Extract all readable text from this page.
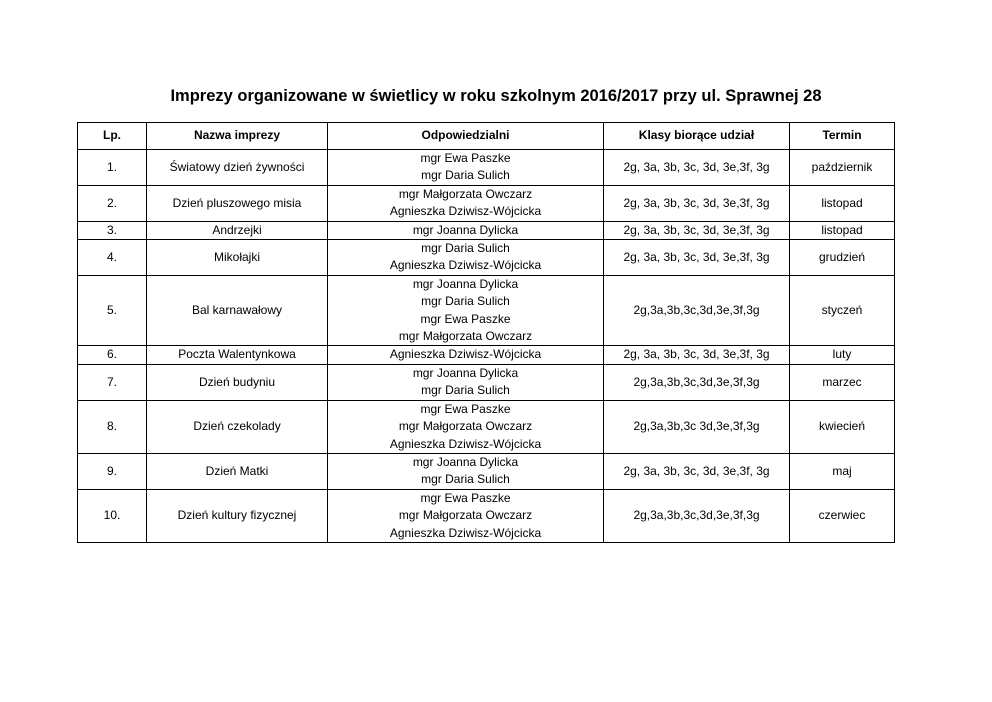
Imprezy organizowane w świetlicy w roku szkolnym 2016/2017 przy ul. Sprawnej 28
Lp.	Nazwa imprezy	Odpowiedzialni	Klasy biorące udział	Termin
1.	Światowy dzień żywności	mgr Ewa Paszke
mgr Daria Sulich	2g, 3a, 3b, 3c, 3d, 3e,3f, 3g	październik
2.	Dzień pluszowego misia	mgr Małgorzata Owczarz
Agnieszka Dziwisz-Wójcicka	2g, 3a, 3b, 3c, 3d, 3e,3f, 3g	listopad
3.	Andrzejki	mgr Joanna Dylicka	2g, 3a, 3b, 3c, 3d, 3e,3f, 3g	listopad
4.	Mikołajki	mgr Daria Sulich
Agnieszka Dziwisz-Wójcicka	2g, 3a, 3b, 3c, 3d, 3e,3f, 3g	grudzień
5.	Bal karnawałowy	mgr Joanna Dylicka
mgr Daria Sulich
mgr Ewa Paszke
mgr Małgorzata Owczarz	2g,3a,3b,3c,3d,3e,3f,3g	styczeń
6.	Poczta Walentynkowa	Agnieszka Dziwisz-Wójcicka	2g, 3a, 3b, 3c, 3d, 3e,3f, 3g	luty
7.	Dzień budyniu	mgr Joanna Dylicka
mgr Daria Sulich	2g,3a,3b,3c,3d,3e,3f,3g	marzec
8.	Dzień czekolady	mgr Ewa Paszke
mgr Małgorzata Owczarz
Agnieszka Dziwisz-Wójcicka	2g,3a,3b,3c 3d,3e,3f,3g	kwiecień
9.	Dzień Matki	mgr Joanna Dylicka
mgr Daria Sulich	2g, 3a, 3b, 3c, 3d, 3e,3f, 3g	maj
10.	Dzień kultury fizycznej	mgr Ewa Paszke
mgr Małgorzata Owczarz
Agnieszka Dziwisz-Wójcicka	2g,3a,3b,3c,3d,3e,3f,3g	czerwiec
